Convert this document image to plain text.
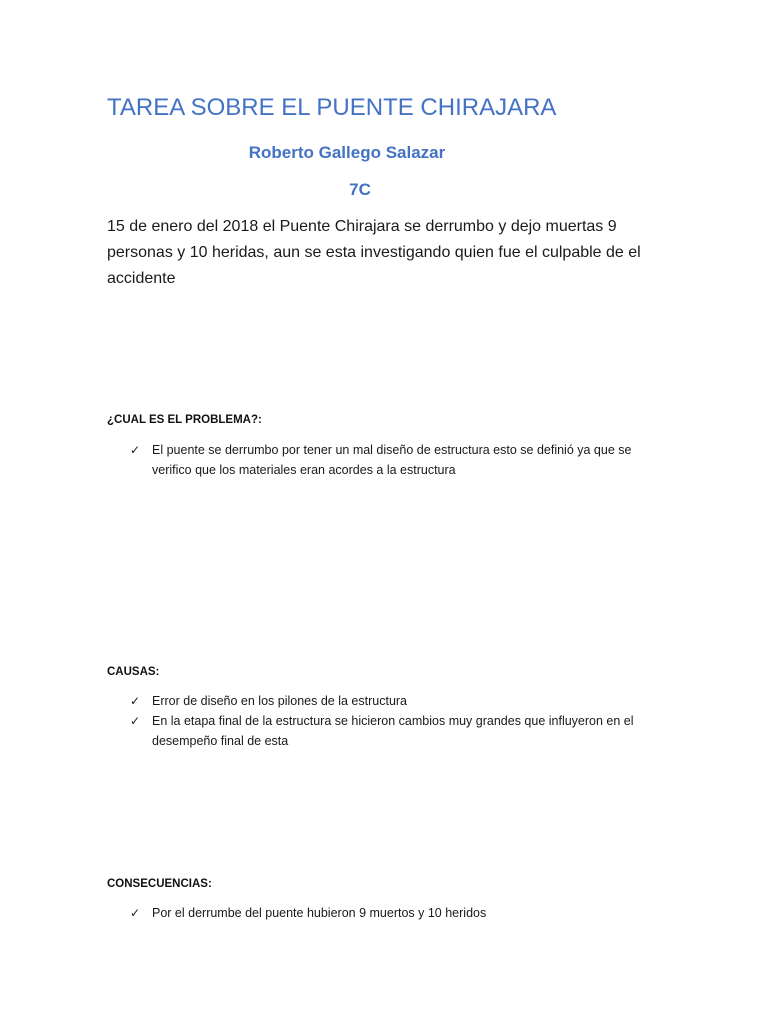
TAREA SOBRE EL PUENTE CHIRAJARA
Roberto Gallego Salazar
7C
15 de enero del 2018 el Puente Chirajara se derrumbo y dejo muertas 9 personas y 10 heridas, aun se esta investigando quien fue el culpable de el accidente
¿CUAL ES EL PROBLEMA?:
✓ El puente se derrumbo por tener un mal diseño de estructura esto se definió ya que se verifico que los materiales eran acordes a la estructura
CAUSAS:
✓ Error de diseño en los pilones de la estructura
✓ En la etapa final de la estructura se hicieron cambios muy grandes que influyeron en el desempeño final de esta
CONSECUENCIAS:
✓ Por el derrumbe del puente hubieron 9 muertos y 10 heridos
